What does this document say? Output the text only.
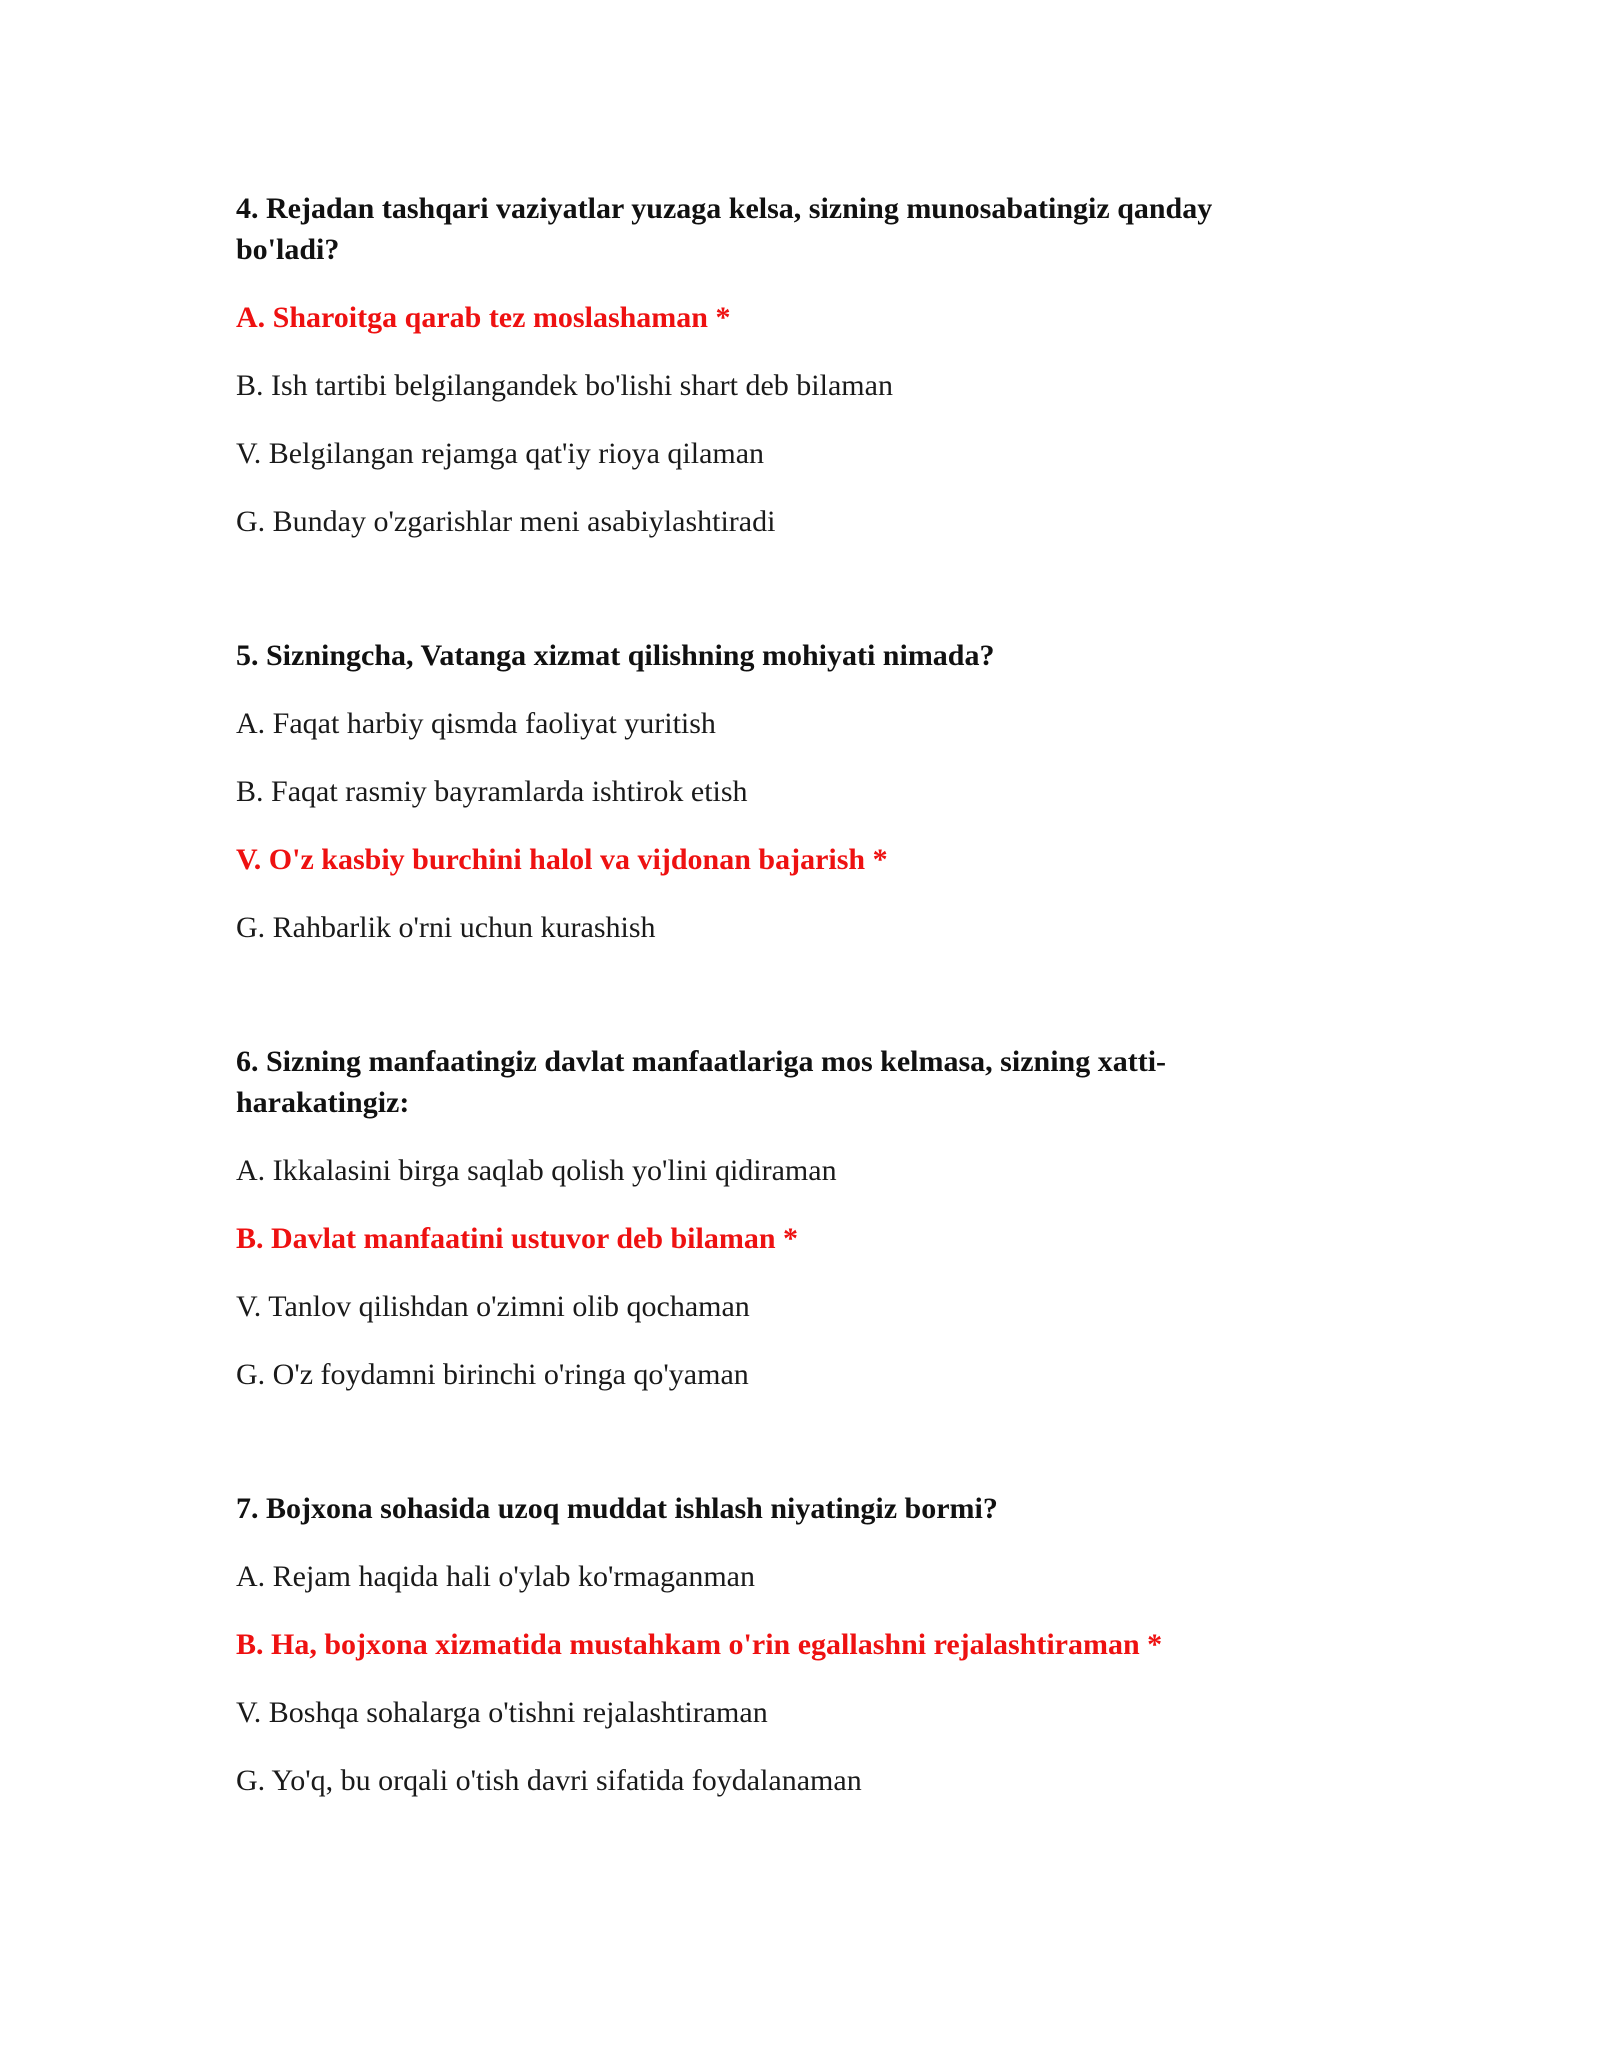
4. Rejadan tashqari vaziyatlar yuzaga kelsa, sizning munosabatingiz qanday bo'ladi?

A. Sharoitga qarab tez moslashaman *

B. Ish tartibi belgilangandek bo'lishi shart deb bilaman

V. Belgilangan rejamga qat'iy rioya qilaman

G. Bunday o'zgarishlar meni asabiylashtiradi

5. Sizningcha, Vatanga xizmat qilishning mohiyati nimada?

A. Faqat harbiy qismda faoliyat yuritish

B. Faqat rasmiy bayramlarda ishtirok etish

V. O'z kasbiy burchini halol va vijdonan bajarish *

G. Rahbarlik o'rni uchun kurashish

6. Sizning manfaatingiz davlat manfaatlariga mos kelmasa, sizning xatti-harakatingiz:

A. Ikkalasini birga saqlab qolish yo'lini qidiraman

B. Davlat manfaatini ustuvor deb bilaman *

V. Tanlov qilishdan o'zimni olib qochaman

G. O'z foydamni birinchi o'ringa qo'yaman

7. Bojxona sohasida uzoq muddat ishlash niyatingiz bormi?

A. Rejam haqida hali o'ylab ko'rmaganman

B. Ha, bojxona xizmatida mustahkam o'rin egallashni rejalashtiraman *

V. Boshqa sohalarga o'tishni rejalashtiraman

G. Yo'q, bu orqali o'tish davri sifatida foydalanaman
